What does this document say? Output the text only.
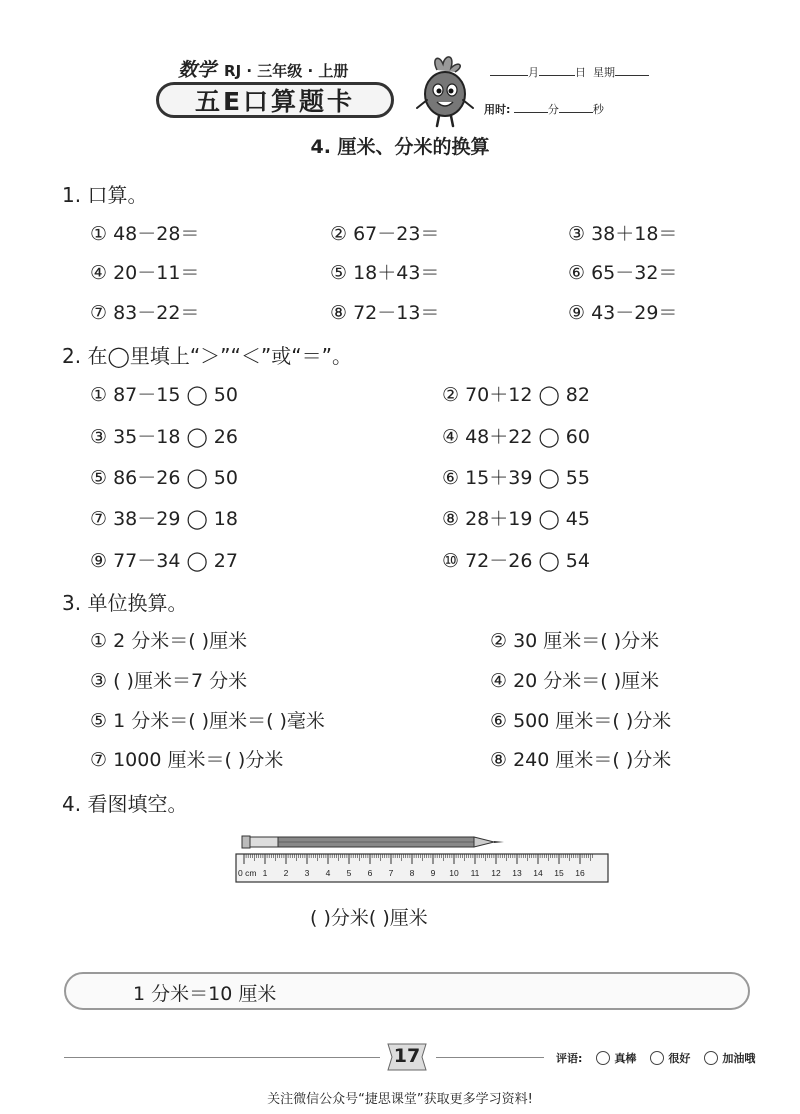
数学 RJ · 三年级 · 上册
五E口算题卡
月	日 星期
用时:	分	秒
4. 厘米、分米的换算
1. 口算。
① 48－28＝	② 67－23＝	③ 38＋18＝
④ 20－11＝	⑤ 18＋43＝	⑥ 65－32＝
⑦ 83－22＝	⑧ 72－13＝	⑨ 43－29＝
2. 在◯里填上“＞”“＜”或“＝”。
① 87－15 ◯ 50	② 70＋12 ◯ 82
③ 35－18 ◯ 26	④ 48＋22 ◯ 60
⑤ 86－26 ◯ 50	⑥ 15＋39 ◯ 55
⑦ 38－29 ◯ 18	⑧ 28＋19 ◯ 45
⑨ 77－34 ◯ 27	⑩ 72－26 ◯ 54
3. 单位换算。
① 2 分米＝( )厘米	② 30 厘米＝( )分米
③ ( )厘米＝7 分米	④ 20 分米＝( )厘米
⑤ 1 分米＝( )厘米＝( )毫米	⑥ 500 厘米＝( )分米
⑦ 1000 厘米＝( )分米	⑧ 240 厘米＝( )分米
4. 看图填空。
0 cm 1 2 3 4 5 6 7 8 9 10 11 12 13 14 15 16
( )分米( )厘米
1 分米＝10 厘米
17	评语:	真棒	很好	加油哦
关注微信公众号“捷思课堂”获取更多学习资料!
